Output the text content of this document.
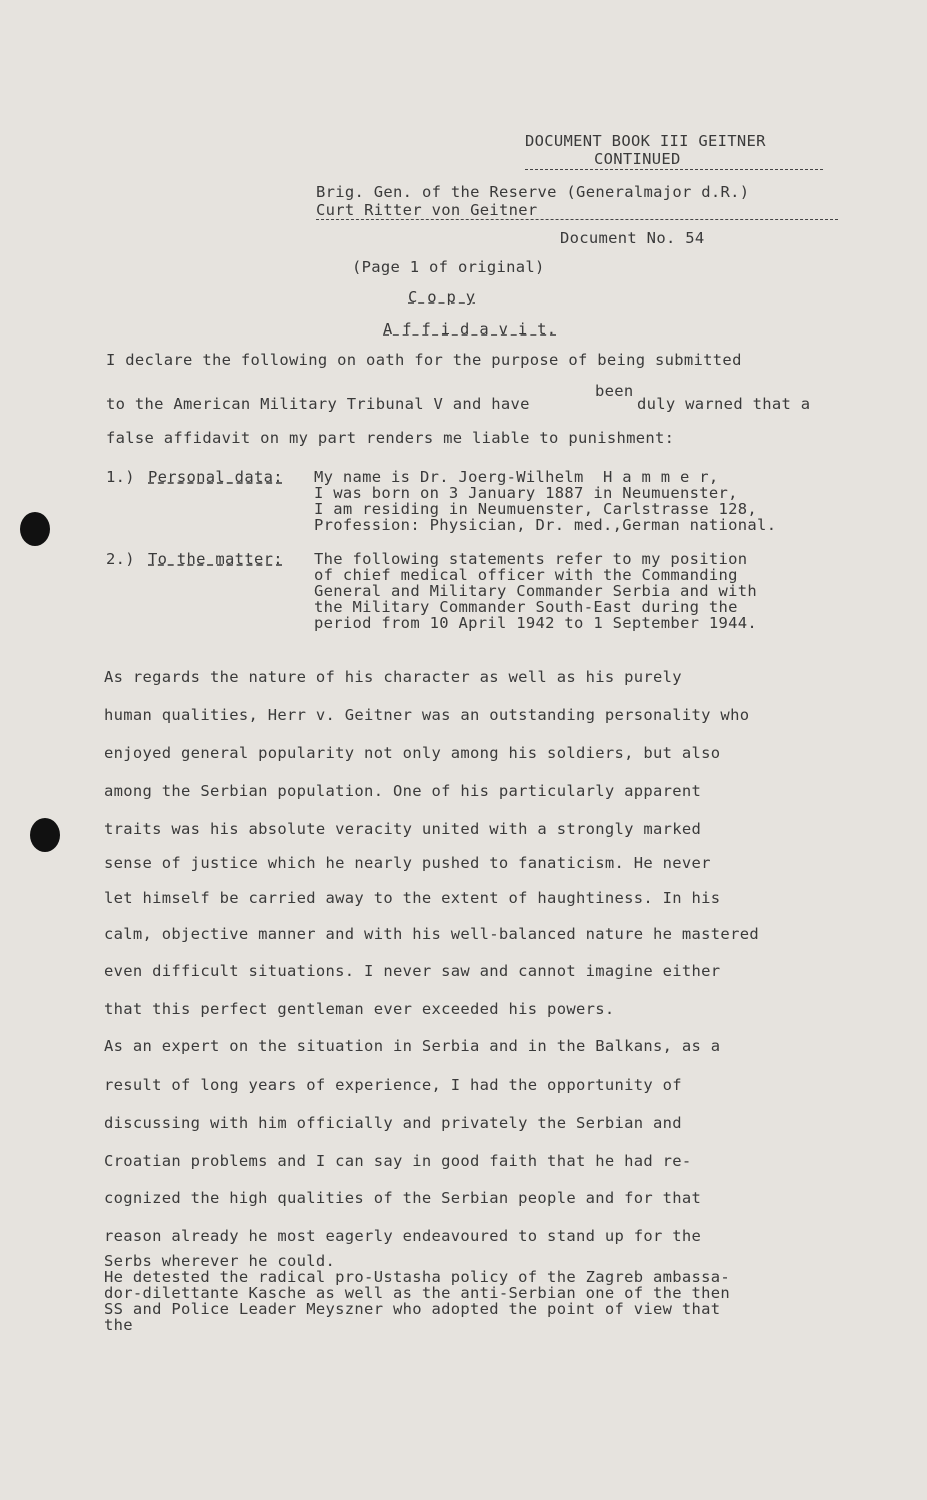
DOCUMENT BOOK III GEITNER
CONTINUED
Brig. Gen. of the Reserve (Generalmajor d.R.)
Curt Ritter von Geitner
Document No. 54
(Page 1 of original)
C o p y
A f f i d a v i t.
I declare the following on oath for the purpose of being submitted
to the American Military Tribunal V and have
been
duly warned that a
false affidavit on my part renders me liable to punishment:
1.) Personal data: My name is Dr. Joerg-Wilhelm  H a m m e r,
I was born on 3 January 1887 in Neumuenster,
I am residing in Neumuenster, Carlstrasse 128,
Profession: Physician, Dr. med.,German national.
2.) To the matter: The following statements refer to my position
of chief medical officer with the Commanding
General and Military Commander Serbia and with
the Military Commander South-East during the
period from 10 April 1942 to 1 September 1944.
As regards the nature of his character as well as his purely
human qualities, Herr v. Geitner was an outstanding personality who
enjoyed general popularity not only among his soldiers, but also
among the Serbian population. One of his particularly apparent
traits was his absolute veracity united with a strongly marked
sense of justice which he nearly pushed to fanaticism. He never
let himself be carried away to the extent of haughtiness. In his
calm, objective manner and with his well-balanced nature he mastered
even difficult situations. I never saw and cannot imagine either
that this perfect gentleman ever exceeded his powers.
As an expert on the situation in Serbia and in the Balkans, as a
result of long years of experience, I had the opportunity of
discussing with him officially and privately the Serbian and
Croatian problems and I can say in good faith that he had re-
cognized the high qualities of the Serbian people and for that
reason already he most eagerly endeavoured to stand up for the
Serbs wherever he could.
He detested the radical pro-Ustasha policy of the Zagreb ambassa-
dor-dilettante Kasche as well as the anti-Serbian one of the then
SS and Police Leader Meyszner who adopted the point of view that
the
